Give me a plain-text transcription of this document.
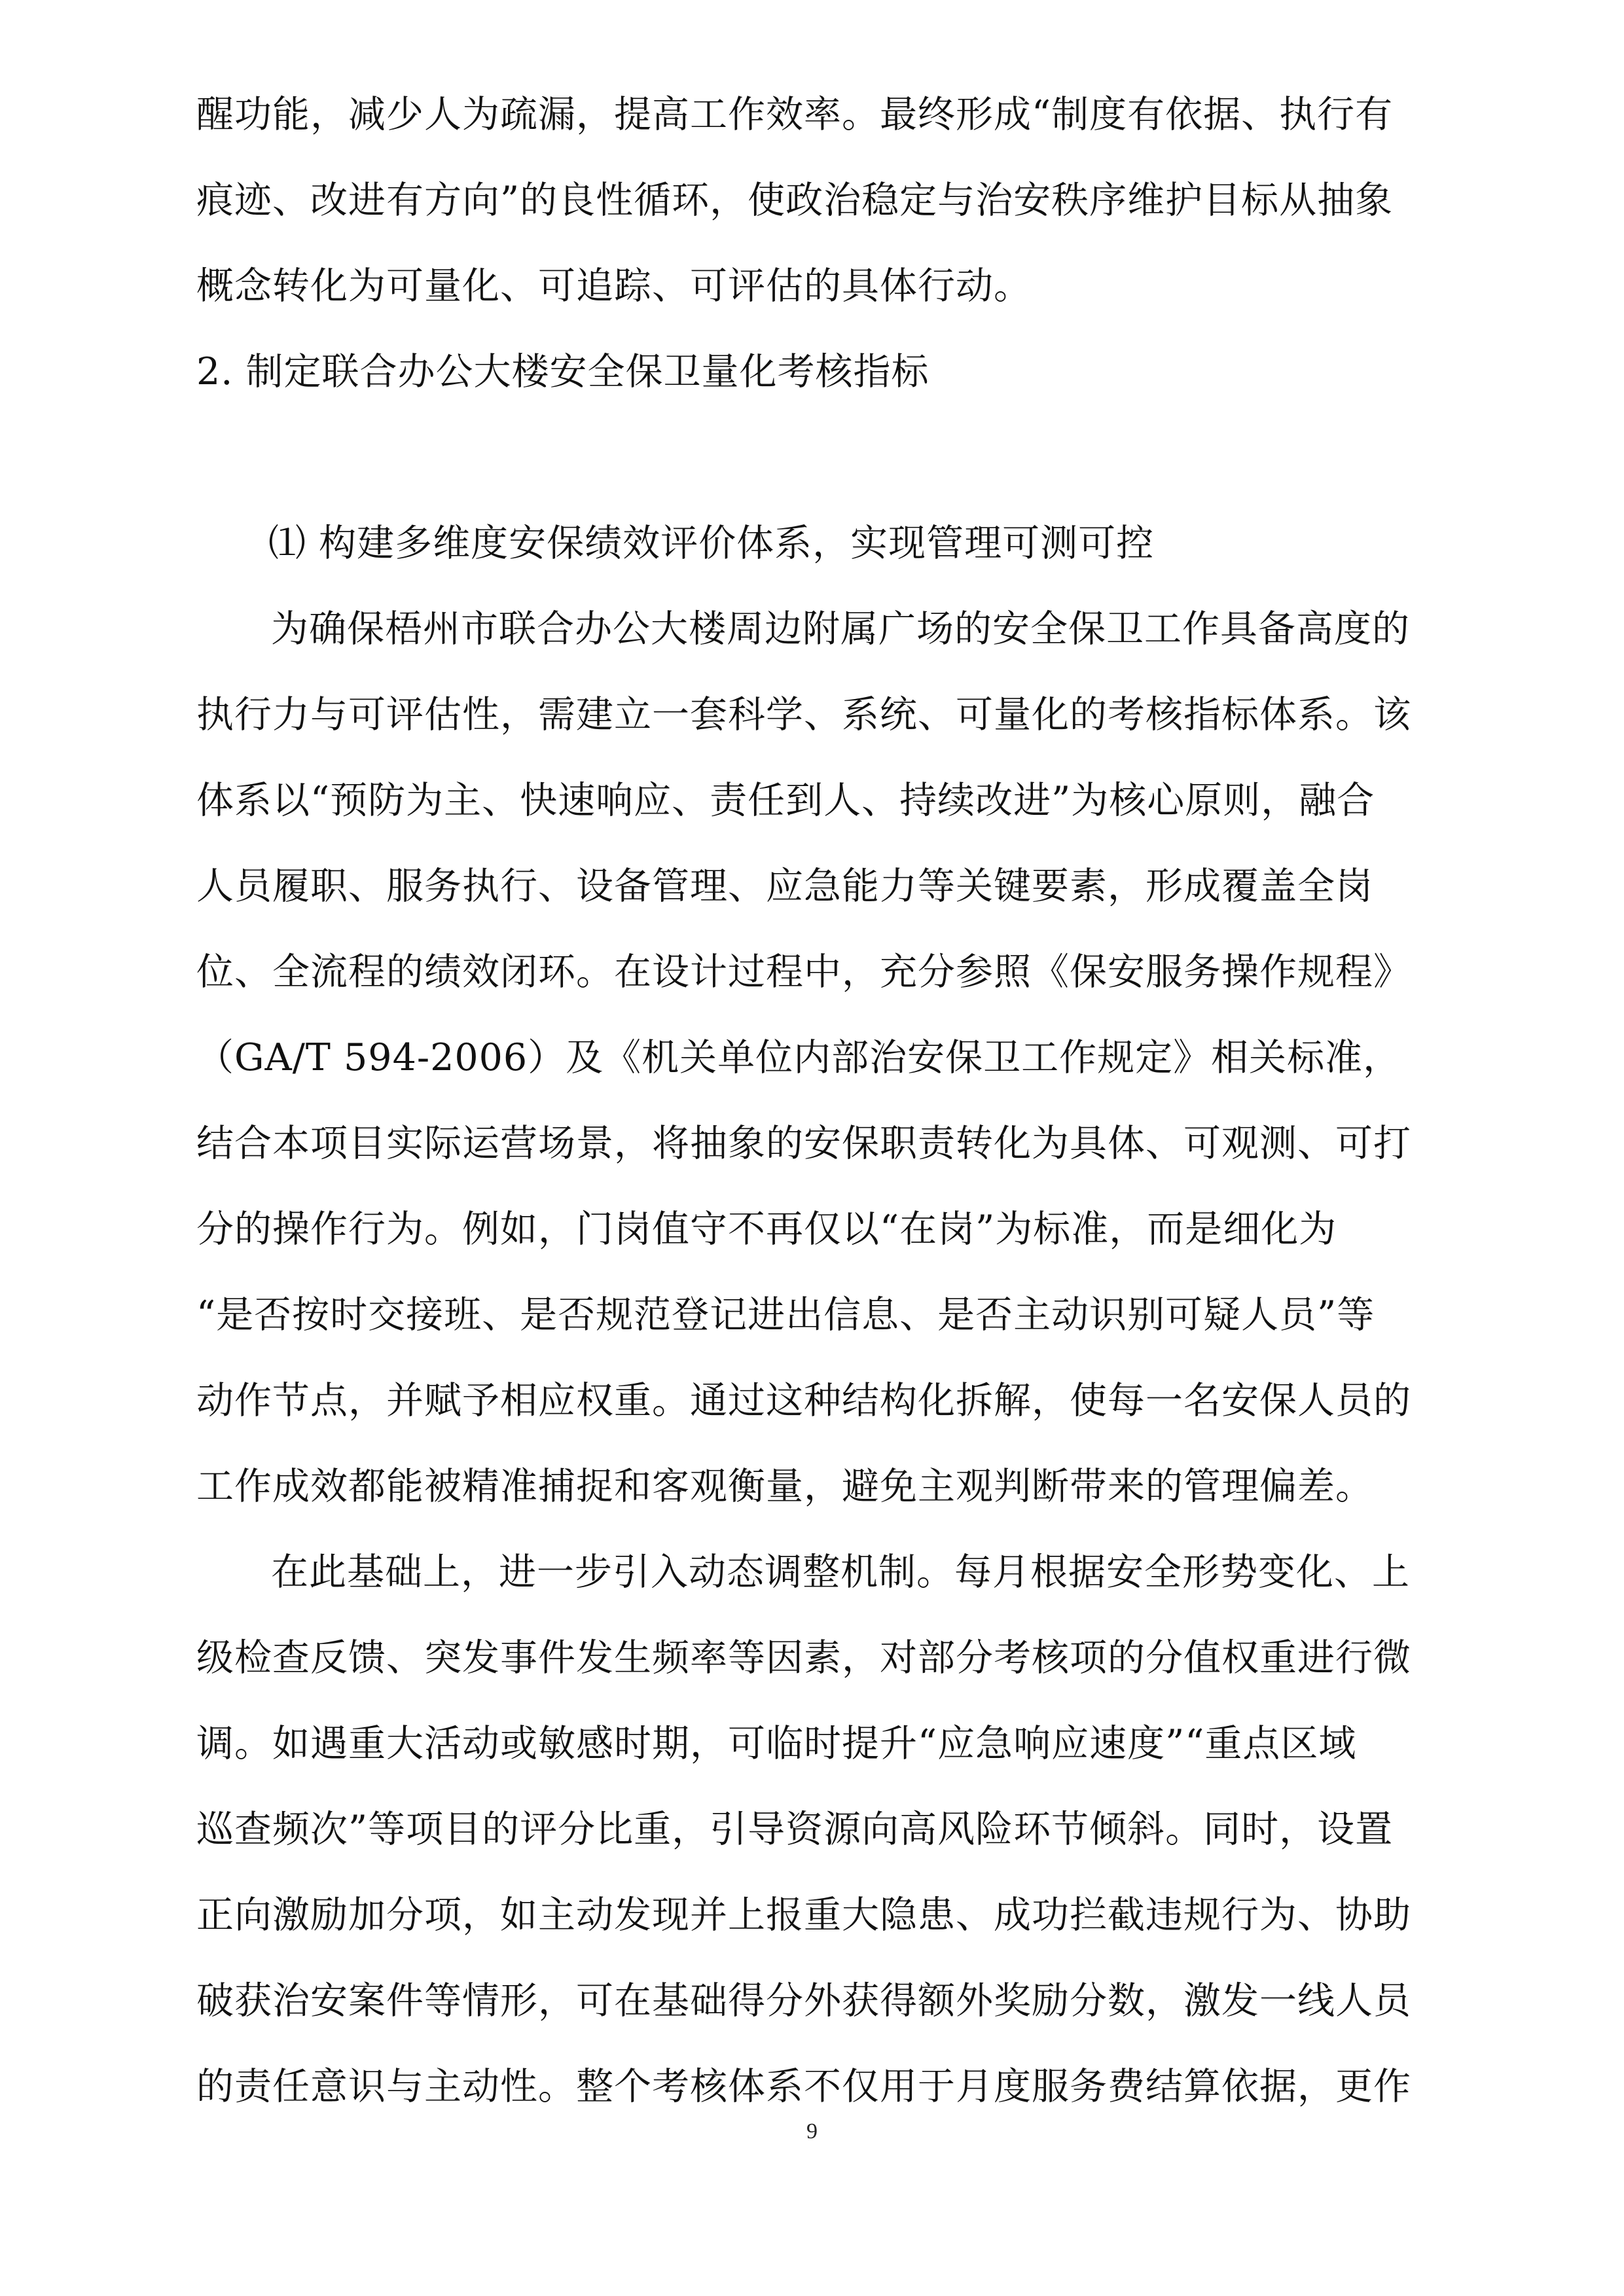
醒功能，减少人为疏漏，提高工作效率。最终形成“制度有依据、执行有
痕迹、改进有方向”的良性循环，使政治稳定与治安秩序维护目标从抽象
概念转化为可量化、可追踪、可评估的具体行动。
2. 制定联合办公大楼安全保卫量化考核指标
⑴ 构建多维度安保绩效评价体系，实现管理可测可控
为确保梧州市联合办公大楼周边附属广场的安全保卫工作具备高度的
执行力与可评估性，需建立一套科学、系统、可量化的考核指标体系。该
体系以“预防为主、快速响应、责任到人、持续改进”为核心原则，融合
人员履职、服务执行、设备管理、应急能力等关键要素，形成覆盖全岗
位、全流程的绩效闭环。在设计过程中，充分参照《保安服务操作规程》
（GA/T 594-2006）及《机关单位内部治安保卫工作规定》相关标准，
结合本项目实际运营场景，将抽象的安保职责转化为具体、可观测、可打
分的操作行为。例如，门岗值守不再仅以“在岗”为标准，而是细化为
“是否按时交接班、是否规范登记进出信息、是否主动识别可疑人员”等
动作节点，并赋予相应权重。通过这种结构化拆解，使每一名安保人员的
工作成效都能被精准捕捉和客观衡量，避免主观判断带来的管理偏差。
在此基础上，进一步引入动态调整机制。每月根据安全形势变化、上
级检查反馈、突发事件发生频率等因素，对部分考核项的分值权重进行微
调。如遇重大活动或敏感时期，可临时提升“应急响应速度”“重点区域
巡查频次”等项目的评分比重，引导资源向高风险环节倾斜。同时，设置
正向激励加分项，如主动发现并上报重大隐患、成功拦截违规行为、协助
破获治安案件等情形，可在基础得分外获得额外奖励分数，激发一线人员
的责任意识与主动性。整个考核体系不仅用于月度服务费结算依据，更作
9
